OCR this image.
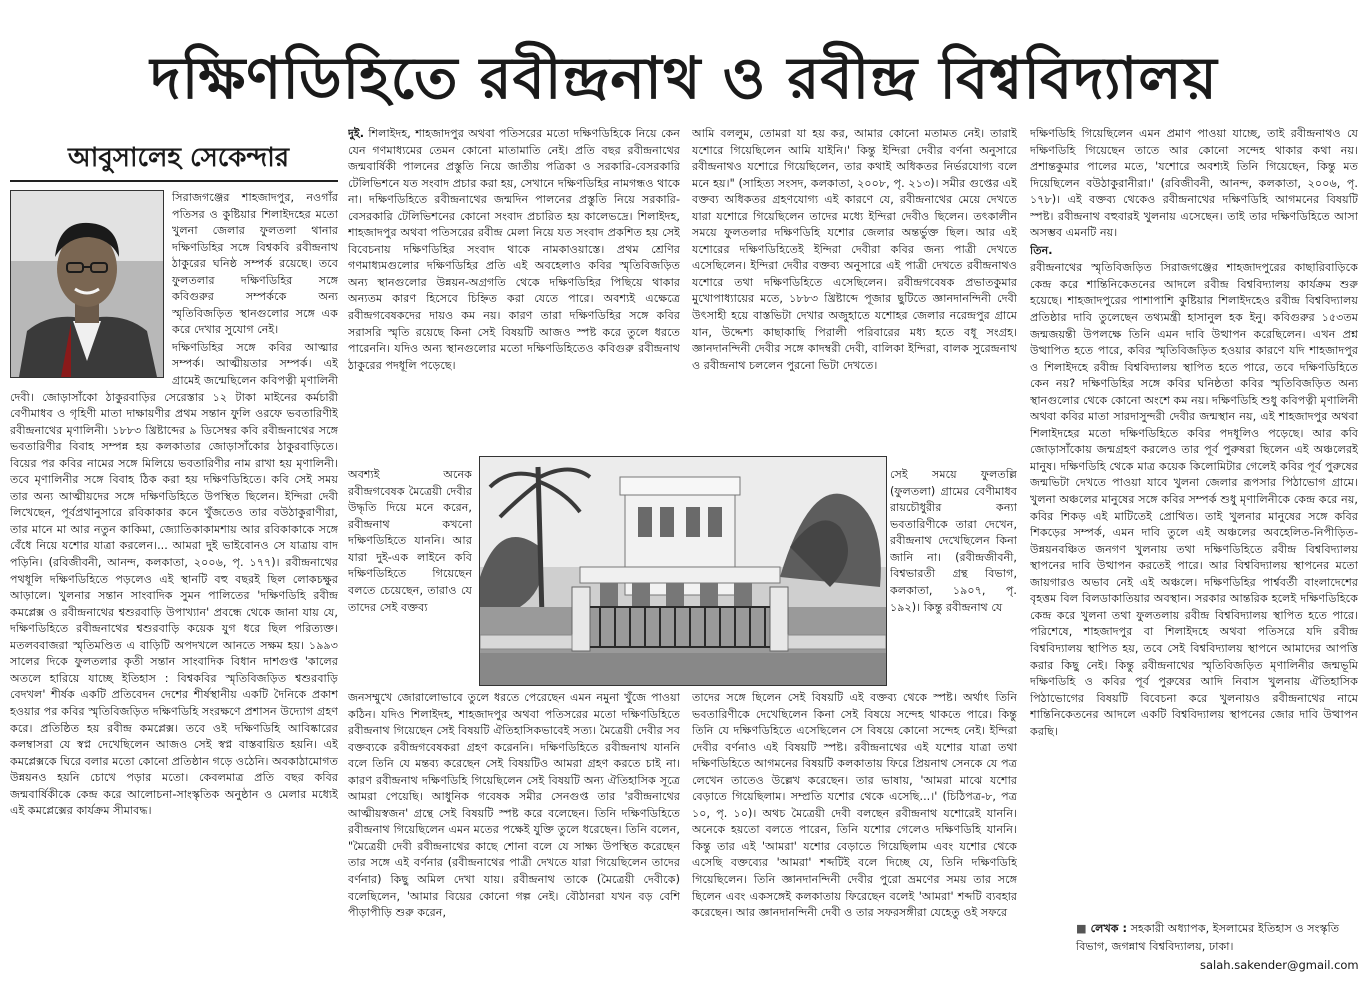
দক্ষিণডিহিতে রবীন্দ্রনাথ ও রবীন্দ্র বিশ্ববিদ্যালয়
আবুসালেহ সেকেন্দার

সিরাজগঞ্জের শাহজাদপুর, নওগাঁর পতিসর ও কুষ্টিয়ার শিলাইদহের মতো খুলনা জেলার ফুলতলা থানার দক্ষিণডিহির সঙ্গে বিশ্বকবি রবীন্দ্রনাথ ঠাকুরের ঘনিষ্ঠ সম্পর্ক রয়েছে। তবে ফুলতলার দক্ষিণডিহির সঙ্গে কবিগুরুর সম্পর্ককে অন্য স্মৃতিবিজড়িত স্থানগুলোর সঙ্গে এক করে দেখার সুযোগ নেই।

দক্ষিণডিহির সঙ্গে কবির আত্মার সম্পর্ক। আত্মীয়তার সম্পর্ক। এই গ্রামেই জন্মেছিলেন কবিপত্নী মৃণালিনী দেবী। জোড়াসাঁকো ঠাকুরবাড়ির সেরেস্তার ১২ টাকা মাইনের কর্মচারী বেণীমাধব ও গৃহিণী মাতা দাক্ষায়ণীর প্রথম সন্তান ফুলি ওরফে ভবতারিণীই রবীন্দ্রনাথের মৃণালিনী। ১৮৮৩ খ্রিষ্টাব্দের ৯ ডিসেম্বর কবি রবীন্দ্রনাথের সঙ্গে ভবতারিণীর বিবাহ সম্পন্ন হয় কলকাতার জোড়াসাঁকোর ঠাকুরবাড়িতে। বিয়ের পর কবির নামের সঙ্গে মিলিয়ে ভবতারিণীর নাম রাখা হয় মৃণালিনী। তবে মৃণালিনীর সঙ্গে বিবাহ ঠিক করা হয় দক্ষিণডিহিতে। কবি সেই সময় তার অন্য আত্মীয়দের সঙ্গে দক্ষিণডিহিতে উপস্থিত ছিলেন। ইন্দিরা দেবী লিখেছেন, পূর্বপ্রথানুসারে রবিকাকার কনে খুঁজতেও তার বউঠাকুরাণীরা, তার মানে মা আর নতুন কাকিমা, জ্যোতিকাকামশায় আর রবিকাকাকে সঙ্গে বেঁধে নিয়ে যশোর যাত্রা করলেন।... আমরা দুই ভাইবোনও সে যাত্রায় বাদ পড়িনি। (রবিজীবনী, আনন্দ, কলকাতা, ২০০৬, পৃ. ১৭৭)। রবীন্দ্রনাথের পথধূলি দক্ষিণডিহিতে পড়লেও এই স্থানটি বহু বছরই ছিল লোকচক্ষুর আড়ালে। খুলনার সন্তান সাংবাদিক সুমন পালিতের 'দক্ষিণডিহি রবীন্দ্র কমপ্লেক্স ও রবীন্দ্রনাথের শ্বশুরবাড়ি উপাখ্যান' প্রবন্ধে থেকে জানা যায় যে, দক্ষিণডিহিতে রবীন্দ্রনাথের শ্বশুরবাড়ি কয়েক যুগ ধরে ছিল পরিত্যক্ত। মতলববাজরা স্মৃতিমণ্ডিত এ বাড়িটি অপদখলে আনতে সক্ষম হয়। ১৯৯৩ সালের দিকে ফুলতলার কৃতী সন্তান সাংবাদিক বিধান দাশগুপ্ত 'কালের অতলে হারিয়ে যাচ্ছে ইতিহাস : বিশ্বকবির স্মৃতিবিজড়িত শ্বশুরবাড়ি বেদখল' শীর্ষক একটি প্রতিবেদন দেশের শীর্ষস্থানীয় একটি দৈনিকে প্রকাশ হওয়ার পর কবির স্মৃতিবিজড়িত দক্ষিণডিহি সংরক্ষণে প্রশাসন উদ্যোগ গ্রহণ করে। প্রতিষ্ঠিত হয় রবীন্দ্র কমপ্লেক্স। তবে ওই দক্ষিণডিহি আবিষ্কারের কলম্বাসরা যে স্বপ্ন দেখেছিলেন আজও সেই স্বপ্ন বাস্তবায়িত হয়নি। এই কমপ্লেক্সকে ঘিরে বলার মতো কোনো প্রতিষ্ঠান গড়ে ওঠেনি। অবকাঠামোগত উন্নয়নও হয়নি চোখে পড়ার মতো। কেবলমাত্র প্রতি বছর কবির জন্মবার্ষিকীকে কেন্দ্র করে আলোচনা-সাংস্কৃতিক অনুষ্ঠান ও মেলার মধ্যেই এই কমপ্লেক্সের কার্যক্রম সীমাবদ্ধ।

দুই. শিলাইদহ, শাহজাদপুর অথবা পতিসরের মতো দক্ষিণডিহিকে নিয়ে কেন যেন গণমাধ্যমের তেমন কোনো মাতামাতি নেই। প্রতি বছর রবীন্দ্রনাথের জন্মবার্ষিকী পালনের প্রস্তুতি নিয়ে জাতীয় পত্রিকা ও সরকারি-বেসরকারি টেলিভিশনে যত সংবাদ প্রচার করা হয়, সেখানে দক্ষিণডিহির নামগন্ধও থাকে না। দক্ষিণডিহিতে রবীন্দ্রনাথের জন্মদিন পালনের প্রস্তুতি নিয়ে সরকারি-বেসরকারি টেলিভিশনের কোনো সংবাদ প্রচারিত হয় কালেভদ্রে। শিলাইদহ, শাহজাদপুর অথবা পতিসরের রবীন্দ্র মেলা নিয়ে যত সংবাদ প্রকশিত হয় সেই বিবেচনায় দক্ষিণডিহির সংবাদ থাকে নামকাওয়াস্তে। প্রথম শ্রেণির গণমাধ্যমগুলোর দক্ষিণডিহির প্রতি এই অবহেলাও কবির স্মৃতিবিজড়িত অন্য স্থানগুলোর উন্নয়ন-অগ্রগতি থেকে দক্ষিণডিহির পিছিয়ে থাকার অন্যতম কারণ হিসেবে চিহ্নিত করা যেতে পারে। অবশ্যই এক্ষেত্রে রবীন্দ্রগবেষকদের দায়ও কম নয়। কারণ তারা দক্ষিণডিহির সঙ্গে কবির সরাসরি স্মৃতি রয়েছে কিনা সেই বিষয়টি আজও স্পষ্ট করে তুলে ধরতে পারেননি। যদিও অন্য স্থানগুলোর মতো দক্ষিণডিহিতেও কবিগুরু রবীন্দ্রনাথ ঠাকুরের পদধূলি পড়েছে।

অবশ্যই অনেক রবীন্দ্রগবেষক মৈত্রেয়ী দেবীর উদ্ধৃতি দিয়ে মনে করেন, রবীন্দ্রনাথ কখনো দক্ষিণডিহিতে যাননি। আর যারা দুই-এক লাইনে কবি দক্ষিণডিহিতে গিয়েছেন বলতে চেয়েছেন, তারাও যে তাদের সেই বক্তব্য

জনসম্মুখে জোরালোভাবে তুলে ধরতে পেরেছেন এমন নমুনা খুঁজে পাওয়া কঠিন। যদিও শিলাইদহ, শাহজাদপুর অথবা পতিসরের মতো দক্ষিণডিহিতে রবীন্দ্রনাথ গিয়েছেন সেই বিষয়টি ঐতিহাসিকভাবেই সত্য। মৈত্রেয়ী দেবীর সব বক্তব্যকে রবীন্দ্রগবেষকরা গ্রহণ করেননি। দক্ষিণডিহিতে রবীন্দ্রনাথ যাননি বলে তিনি যে মন্তব্য করেছেন সেই বিষয়টিও আমরা গ্রহণ করতে চাই না। কারণ রবীন্দ্রনাথ দক্ষিণডিহি গিয়েছিলেন সেই বিষয়টি অন্য ঐতিহাসিক সূত্রে আমরা পেয়েছি। আধুনিক গবেষক সমীর সেনগুপ্ত তার 'রবীন্দ্রনাথের আত্মীয়স্বজন' গ্রন্থে সেই বিষয়টি স্পষ্ট করে বলেছেন। তিনি দক্ষিণডিহিতে রবীন্দ্রনাথ গিয়েছিলেন এমন মতের পক্ষেই যুক্তি তুলে ধরেছেন। তিনি বলেন, "মৈত্রেয়ী দেবী রবীন্দ্রনাথের কাছে শোনা বলে যে সাক্ষ্য উপস্থিত করেছেন তার সঙ্গে এই বর্ণনার (রবীন্দ্রনাথের পাত্রী দেখতে যারা গিয়েছিলেন তাদের বর্ণনার) কিছু অমিল দেখা যায়। রবীন্দ্রনাথ তাকে (মৈত্রেয়ী দেবীকে) বলেছিলেন, 'আমার বিয়ের কোনো গল্প নেই। বৌঠানরা যখন বড় বেশি পীড়াপীড়ি শুরু করেন,

আমি বললুম, তোমরা যা হয় কর, আমার কোনো মতামত নেই। তারাই যশোরে গিয়েছিলেন আমি যাইনি।' কিন্তু ইন্দিরা দেবীর বর্ণনা অনুসারে রবীন্দ্রনাথও যশোরে গিয়েছিলেন, তার কথাই অধিকতর নির্ভরযোগ্য বলে মনে হয়।" (সাহিত্য সংসদ, কলকাতা, ২০০৮, পৃ. ২১৩)। সমীর গুপ্তের এই বক্তব্য অধিকতর গ্রহণযোগ্য এই কারণে যে, রবীন্দ্রনাথের মেয়ে দেখতে যারা যশোরে গিয়েছিলেন তাদের মধ্যে ইন্দিরা দেবীও ছিলেন। তৎকালীন সময়ে ফুলতলার দক্ষিণডিহি যশোর জেলার অন্তর্ভুক্ত ছিল। আর এই যশোরের দক্ষিণডিহিতেই ইন্দিরা দেবীরা কবির জন্য পাত্রী দেখতে এসেছিলেন। ইন্দিরা দেবীর বক্তব্য অনুসারে এই পাত্রী দেখতে রবীন্দ্রনাথও যশোরে তথা দক্ষিণডিহিতে এসেছিলেন। রবীন্দ্রগবেষক প্রভাতকুমার মুখোপাধ্যায়ের মতে, ১৮৮৩ খ্রিষ্টাব্দে পূজার ছুটিতে জ্ঞানদানন্দিনী দেবী উৎসাহী হয়ে বাস্তভিটা দেখার অজুহাতে যশোহর জেলার নরেন্দ্রপুর গ্রামে যান, উদ্দেশ্য কাছাকাছি পিরালী পরিবারের মধ্য হতে বধূ সংগ্রহ। জ্ঞানদানন্দিনী দেবীর সঙ্গে কাদম্বরী দেবী, বালিকা ইন্দিরা, বালক সুরেন্দ্রনাথ ও রবীন্দ্রনাথ চললেন পুরনো ভিটা দেখতে।

সেই সময়ে ফুলতল্লি (ফুলতলা) গ্রামের বেণীমাধব রায়চৌধুরীর কন্যা ভবতারিণীকে তারা দেখেন, রবীন্দ্রনাথ দেখেছিলেন কিনা জানি না। (রবীন্দ্রজীবনী, বিশ্বভারতী গ্রন্থ বিভাগ, কলকাতা, ১৯০৭, পৃ. ১৯২)। কিন্তু রবীন্দ্রনাথ যে

তাদের সঙ্গে ছিলেন সেই বিষয়টি এই বক্তব্য থেকে স্পষ্ট। অর্থাৎ তিনি ভবতারিণীকে দেখেছিলেন কিনা সেই বিষয়ে সন্দেহ থাকতে পারে। কিন্তু তিনি যে দক্ষিণডিহিতে এসেছিলেন সে বিষয়ে কোনো সন্দেহ নেই। ইন্দিরা দেবীর বর্ণনাও এই বিষয়টি স্পষ্ট। রবীন্দ্রনাথের এই যশোর যাত্রা তথা দক্ষিণডিহিতে আগমনের বিষয়টি কলকাতায় ফিরে প্রিয়নাথ সেনকে যে পত্র লেখেন তাতেও উল্লেখ করেছেন। তার ভাষায়, 'আমরা মাঝে যশোর বেড়াতে গিয়েছিলাম। সম্প্রতি যশোর থেকে এসেছি...।' (চিঠিপত্র-৮, পত্র ১০, পৃ. ১০)। অথচ মৈত্রেয়ী দেবী বলছেন রবীন্দ্রনাথ যশোরেই যাননি। অনেকে হয়তো বলতে পারেন, তিনি যশোর গেলেও দক্ষিণডিহি যাননি। কিন্তু তার এই 'আমরা' যশোর বেড়াতে গিয়েছিলাম এবং যশোর থেকে এসেছি বক্তব্যের 'আমরা' শব্দটিই বলে দিচ্ছে যে, তিনি দক্ষিণডিহি গিয়েছিলেন। তিনি জ্ঞানদানন্দিনী দেবীর পুরো ভ্রমণের সময় তার সঙ্গে ছিলেন এবং একসঙ্গেই কলকাতায় ফিরেছেন বলেই 'আমরা' শব্দটি ব্যবহার করেছেন। আর জ্ঞানদানন্দিনী দেবী ও তার সফরসঙ্গীরা যেহেতু ওই সফরে

দক্ষিণডিহি গিয়েছিলেন এমন প্রমাণ পাওয়া যাচ্ছে, তাই রবীন্দ্রনাথও যে দক্ষিণডিহি গিয়েছেন তাতে আর কোনো সন্দেহ থাকার কথা নয়। প্রশান্তকুমার পালের মতে, 'যশোরে অবশ্যই তিনি গিয়েছেন, কিন্তু মত দিয়েছিলেন বউঠাকুরানীরা।' (রবিজীবনী, আনন্দ, কলকাতা, ২০০৬, পৃ. ১৭৮)। এই বক্তব্য থেকেও রবীন্দ্রনাথের দক্ষিণডিহি আগমনের বিষয়টি স্পষ্ট। রবীন্দ্রনাথ বহুবারই খুলনায় এসেছেন। তাই তার দক্ষিণডিহিতে আসা অসম্ভব এমনটি নয়।

তিন.

রবীন্দ্রনাথের স্মৃতিবিজড়িত সিরাজগঞ্জের শাহজাদপুরের কাছারিবাড়িকে কেন্দ্র করে শান্তিনিকেতনের আদলে রবীন্দ্র বিশ্ববিদ্যালয় কার্যক্রম শুরু হয়েছে। শাহজাদপুরের পাশাপাশি কুষ্টিয়ার শিলাইদহেও রবীন্দ্র বিশ্ববিদ্যালয় প্রতিষ্ঠার দাবি তুলেছেন তথ্যমন্ত্রী হাসানুল হক ইনু। কবিগুরুর ১৫৩তম জন্মজয়ন্তী উপলক্ষে তিনি এমন দাবি উত্থাপন করেছিলেন। এখন প্রশ্ন উত্থাপিত হতে পারে, কবির স্মৃতিবিজড়িত হওয়ার কারণে যদি শাহজাদপুর ও শিলাইদহে রবীন্দ্র বিশ্ববিদ্যালয় স্থাপিত হতে পারে, তবে দক্ষিণডিহিতে কেন নয়? দক্ষিণডিহির সঙ্গে কবির ঘনিষ্ঠতা কবির স্মৃতিবিজড়িত অন্য স্থানগুলোর থেকে কোনো অংশে কম নয়। দক্ষিণডিহি শুধু কবিপত্নী মৃণালিনী অথবা কবির মাতা সারদাসুন্দরী দেবীর জন্মস্থান নয়, এই শাহজাদপুর অথবা শিলাইদহের মতো দক্ষিণডিহিতে কবির পদধূলিও পড়েছে। আর কবি জোড়াসাঁকোয় জন্মগ্রহণ করলেও তার পূর্ব পুরুষরা ছিলেন এই অঞ্চলেরই মানুষ। দক্ষিণডিহি থেকে মাত্র কয়েক কিলোমিটার গেলেই কবির পূর্ব পুরুষের জন্মভিটা দেখতে পাওয়া যাবে খুলনা জেলার রূপসার পিঠাভোগ গ্রামে। খুলনা অঞ্চলের মানুষের সঙ্গে কবির সম্পর্ক শুধু মৃণালিনীকে কেন্দ্র করে নয়, কবির শিকড় এই মাটিতেই প্রোথিত। তাই খুলনার মানুষের সঙ্গে কবির শিকড়ের সম্পর্ক, এমন দাবি তুলে এই অঞ্চলের অবহেলিত-নিপীড়িত-উন্নয়নবঞ্চিত জনগণ খুলনায় তথা দক্ষিণডিহিতে রবীন্দ্র বিশ্ববিদ্যালয় স্থাপনের দাবি উত্থাপন করতেই পারে। আর বিশ্ববিদ্যালয় স্থাপনের মতো জায়গারও অভাব নেই এই অঞ্চলে। দক্ষিণডিহির পার্শ্ববর্তী বাংলাদেশের বৃহত্তম বিল বিলডাকাতিয়ার অবস্থান। সরকার আন্তরিক হলেই দক্ষিণডিহিকে কেন্দ্র করে খুলনা তথা ফুলতলায় রবীন্দ্র বিশ্ববিদ্যালয় স্থাপিত হতে পারে। পরিশেষে, শাহজাদপুর বা শিলাইদহে অথবা পতিসরে যদি রবীন্দ্র বিশ্ববিদ্যালয় স্থাপিত হয়, তবে সেই বিশ্ববিদ্যালয় স্থাপনে আমাদের আপত্তি করার কিছু নেই। কিন্তু রবীন্দ্রনাথের স্মৃতিবিজড়িত মৃণালিনীর জন্মভূমি দক্ষিণডিহি ও কবির পূর্ব পুরুষের আদি নিবাস খুলনায় ঐতিহাসিক পিঠাভোগের বিষয়টি বিবেচনা করে খুলনায়ও রবীন্দ্রনাথের নামে শান্তিনিকেতনের আদলে একটি বিশ্ববিদ্যালয় স্থাপনের জোর দাবি উত্থাপন করছি।

■ লেখক : সহকারী অধ্যাপক, ইসলামের ইতিহাস ও সংস্কৃতি বিভাগ, জগন্নাথ বিশ্ববিদ্যালয়, ঢাকা।
salah.sakender@gmail.com
